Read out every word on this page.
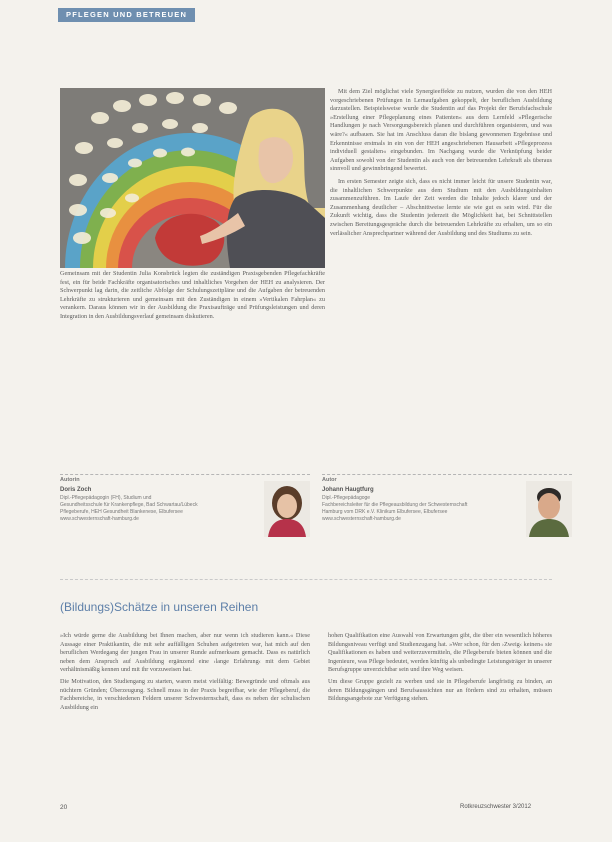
PFLEGEN UND BETREUEN
Gemeinsam mit der Studentin Julia Konsbrück legten die zuständigen Praxisgebenden Pflegefachkräfte fest, ein für beide Fachkräfte organisatorisches und inhaltliches Vorgehen der HEH zu analysieren. Der Schwerpunkt lag darin, die zeitliche Abfolge der Schulungszeitpläne und die Aufgaben der betreuenden Lehrkräfte zu strukturieren und gemeinsam mit den Zuständigen in einem »Vertikalen Fahrplan« zu verankern. Daraus können wir in der Ausbildung die Praxisaufträge und Prüfungsleistungen und deren Integration in den Ausbildungsverlauf gemeinsam diskutieren.

Mit dem Ziel möglichst viele Synergieeffekte zu nutzen, wurden die von den HEH vorgeschriebenen Prüfungen in Lernaufgaben gekoppelt, der beruflichen Ausbildung darzustellen. Beispielsweise wurde die Studentin auf das Projekt der Berufsfachschule »Erstellung einer Pflegeplanung eines Patienten« aus dem Lernfeld »Pflegerische Handlungen je nach Versorgungsbereich planen und durchführen organisieren, und was wäre?« aufbauen. Sie hat im Anschluss daran die bislang gewonnenen Ergebnisse und Erkenntnisse erstmals in ein von der HEH angeschriebenen Hausarbeit »Pflegeprozess individuell gestalten« eingebunden. Im Nachgang wurde die Verknüpfung beider Aufgaben sowohl von der Studentin als auch von der betreuenden Lehrkraft als überaus sinnvoll und gewinnbringend bewertet.

Im ersten Semester zeigte sich, dass es nicht immer leicht für unsere Studentin war, die inhaltlichen Schwerpunkte aus dem Studium mit den Ausbildungsinhalten zusammenzuführen. Im Laufe der Zeit werden die Inhalte jedoch klarer und der Zusammenhang deutlicher – Abschnittweise lernte sie wie gut es sein wird. Für die Zukunft wichtig, dass die Studentin jederzeit die Möglichkeit hat, bei Schnittstellen zwischen Bereitungsgespräche durch die betreuenden Lehrkräfte zu erhalten, um so ein verlässlicher Ansprechpartner während der Ausbildung und des Studiums zu sein.

Autorin
Doris Zoch
Dipl.-Pflegepädagogin (FH), Studium und
Gesundheitsschule für Krankenpflege, Bad Schwartau/Lübeck
Pflegeberufe, HEH Gesundheit Blankenese, Elbufersee
www.schwesternschaft-hamburg.de
Autor
Johann Haugtfurg
Dipl.-Pflegepädagoge
Fachbereichsleiter für die Pflegeausbildung der Schwesternschaft
Hamburg vom DRK e.V. Klinikum Elbufersee, Elbufersee
www.schwesternschaft-hamburg.de
(Bildungs)Schätze in unseren Reihen

»Ich würde gerne die Ausbildung bei Ihnen machen, aber nur wenn ich studieren kann.« Diese Aussage einer Praktikantin, die mit sehr auffälligen Schuhen aufgetreten war, hat mich auf den beruflichen Werdegang der jungen Frau in unserer Runde aufmerksam gemacht. Dass es natürlich neben dem Anspruch auf Ausbildung ergänzend eine ›lange Erfahrung‹ mit dem Gebiet verhältnismäßig kennen und mit ihr vorzuweisen hat.

Die Motivation, den Studiengang zu starten, waren meist vielfältig: Bewegründe und oftmals aus nüchtern Gründen; Überzeugung. Schnell muss in der Praxis begreifbar, wie der Pflegeberuf, die Fachbereiche, in verschiedenen Feldern unserer Schwesternschaft, dass es neben der schulischen Ausbildung ein

hohen Qualifikation eine Auswahl von Erwartungen gibt, die über ein wesentlich höheres Bildungsniveau verfügt und Studienzugang hat. »Wer schon, für den ›Zweig‹ keinen« sie Qualifikationen es haben und weiterzuvermitteln, die Pflegeberufe bieten können und die Ingenieure, was Pflege bedeutet, werden künftig als unbedingte Leistungsträger in unserer Berufsgruppe unverzichtbar sein und ihre Weg weisen.

Um diese Gruppe gezielt zu werben und sie in Pflegeberufe langfristig zu binden, an deren Bildungsgängen und Berufsaussichten nur an fördern sind zu erhalten, müssen Bildungsangebote zur Verfügung stehen.

20	Rotkreuzschwester 3/2012
